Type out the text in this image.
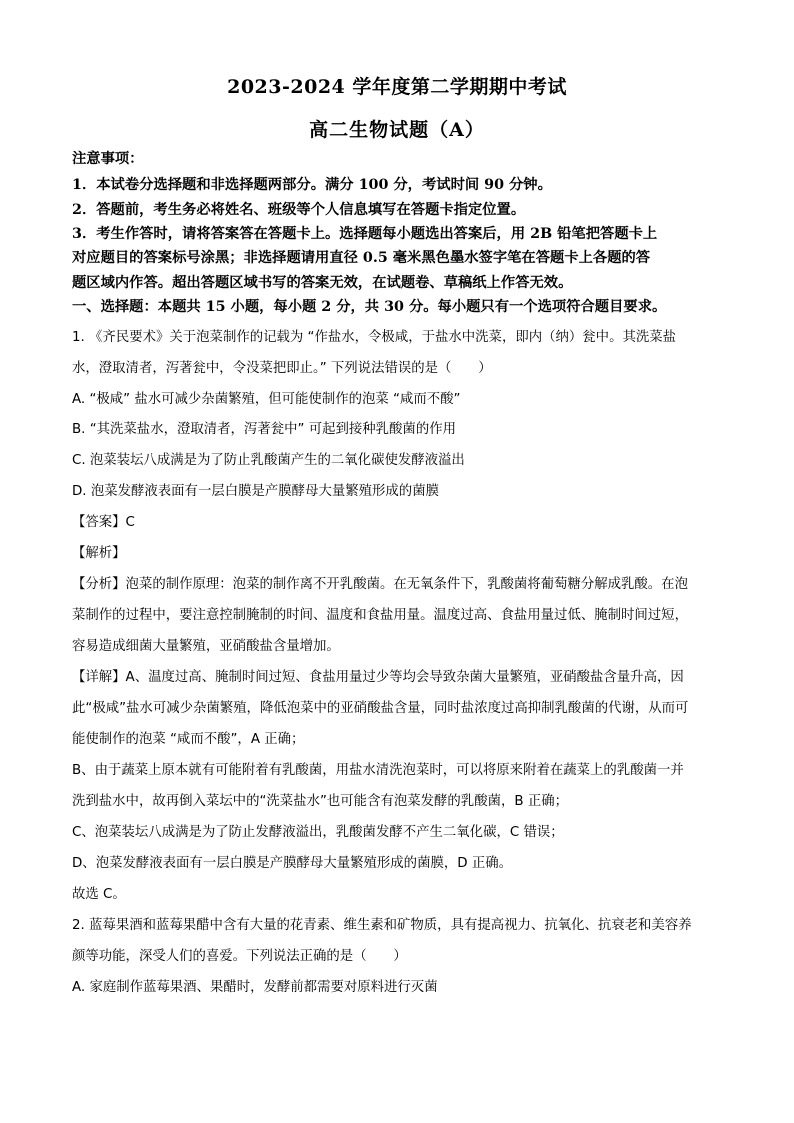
2023-2024 学年度第二学期期中考试
高二生物试题（A）
注意事项：
1．本试卷分选择题和非选择题两部分。满分 100 分，考试时间 90 分钟。
2．答题前，考生务必将姓名、班级等个人信息填写在答题卡指定位置。
3．考生作答时，请将答案答在答题卡上。选择题每小题选出答案后，用 2B 铅笔把答题卡上
对应题目的答案标号涂黑；非选择题请用直径 0.5 毫米黑色墨水签字笔在答题卡上各题的答
题区域内作答。超出答题区域书写的答案无效，在试题卷、草稿纸上作答无效。
一、选择题：本题共 15 小题，每小题 2 分，共 30 分。每小题只有一个选项符合题目要求。
1. 《齐民要术》关于泡菜制作的记载为 “作盐水，令极咸，于盐水中洗菜，即内（纳）瓮中。其洗菜盐
水，澄取清者，泻著瓮中，令没菜把即止。” 下列说法错误的是（　　）
A. “极咸” 盐水可减少杂菌繁殖，但可能使制作的泡菜 “咸而不酸”
B. “其洗菜盐水，澄取清者，泻著瓮中” 可起到接种乳酸菌的作用
C. 泡菜装坛八成满是为了防止乳酸菌产生的二氧化碳使发酵液溢出
D. 泡菜发酵液表面有一层白膜是产膜酵母大量繁殖形成的菌膜
【答案】C
【解析】
【分析】泡菜的制作原理：泡菜的制作离不开乳酸菌。在无氧条件下，乳酸菌将葡萄糖分解成乳酸。在泡
菜制作的过程中，要注意控制腌制的时间、温度和食盐用量。温度过高、食盐用量过低、腌制时间过短，
容易造成细菌大量繁殖，亚硝酸盐含量增加。
【详解】A、温度过高、腌制时间过短、食盐用量过少等均会导致杂菌大量繁殖，亚硝酸盐含量升高，因
此“极咸”盐水可减少杂菌繁殖，降低泡菜中的亚硝酸盐含量，同时盐浓度过高抑制乳酸菌的代谢，从而可
能使制作的泡菜 “咸而不酸”，A 正确；
B、由于蔬菜上原本就有可能附着有乳酸菌，用盐水清洗泡菜时，可以将原来附着在蔬菜上的乳酸菌一并
洗到盐水中，故再倒入菜坛中的“洗菜盐水”也可能含有泡菜发酵的乳酸菌，B 正确；
C、泡菜装坛八成满是为了防止发酵液溢出，乳酸菌发酵不产生二氧化碳，C 错误；
D、泡菜发酵液表面有一层白膜是产膜酵母大量繁殖形成的菌膜，D 正确。
故选 C。
2. 蓝莓果酒和蓝莓果醋中含有大量的花青素、维生素和矿物质，具有提高视力、抗氧化、抗衰老和美容养
颜等功能，深受人们的喜爱。下列说法正确的是（　　）
A. 家庭制作蓝莓果酒、果醋时，发酵前都需要对原料进行灭菌
